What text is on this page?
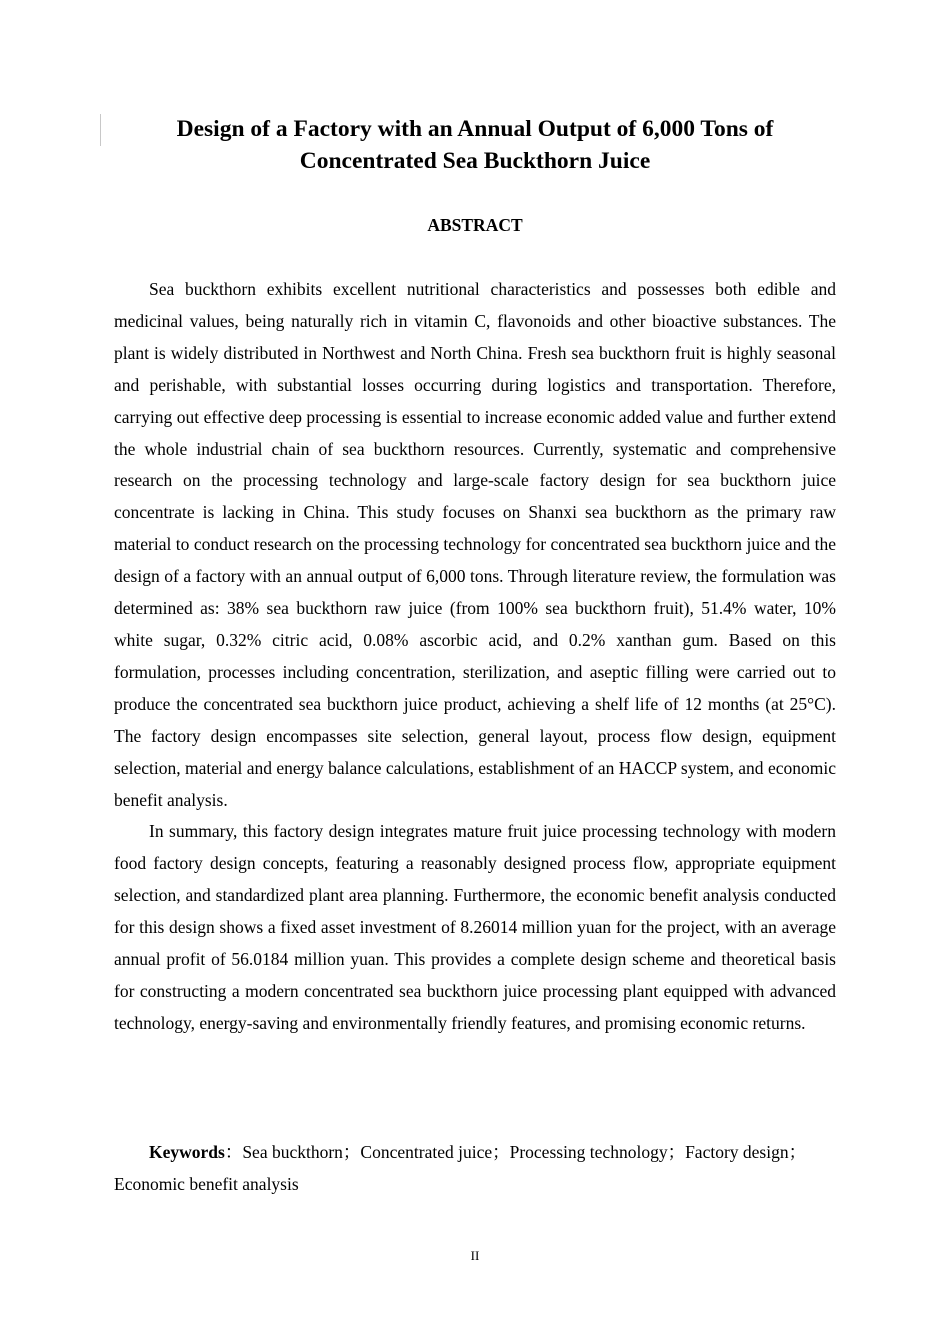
Design of a Factory with an Annual Output of 6,000 Tons of Concentrated Sea Buckthorn Juice
ABSTRACT

Sea buckthorn exhibits excellent nutritional characteristics and possesses both edible and medicinal values, being naturally rich in vitamin C, flavonoids and other bioactive substances. The plant is widely distributed in Northwest and North China. Fresh sea buckthorn fruit is highly seasonal and perishable, with substantial losses occurring during logistics and transportation. Therefore, carrying out effective deep processing is essential to increase economic added value and further extend the whole industrial chain of sea buckthorn resources. Currently, systematic and comprehensive research on the processing technology and large-scale factory design for sea buckthorn juice concentrate is lacking in China. This study focuses on Shanxi sea buckthorn as the primary raw material to conduct research on the processing technology for concentrated sea buckthorn juice and the design of a factory with an annual output of 6,000 tons. Through literature review, the formulation was determined as: 38% sea buckthorn raw juice (from 100% sea buckthorn fruit), 51.4% water, 10% white sugar, 0.32% citric acid, 0.08% ascorbic acid, and 0.2% xanthan gum. Based on this formulation, processes including concentration, sterilization, and aseptic filling were carried out to produce the concentrated sea buckthorn juice product, achieving a shelf life of 12 months (at 25°C). The factory design encompasses site selection, general layout, process flow design, equipment selection, material and energy balance calculations, establishment of an HACCP system, and economic benefit analysis.

In summary, this factory design integrates mature fruit juice processing technology with modern food factory design concepts, featuring a reasonably designed process flow, appropriate equipment selection, and standardized plant area planning. Furthermore, the economic benefit analysis conducted for this design shows a fixed asset investment of 8.26014 million yuan for the project, with an average annual profit of 56.0184 million yuan. This provides a complete design scheme and theoretical basis for constructing a modern concentrated sea buckthorn juice processing plant equipped with advanced technology, energy-saving and environmentally friendly features, and promising economic returns.

Keywords：Sea buckthorn；Concentrated juice；Processing technology；Factory design；Economic benefit analysis

II
